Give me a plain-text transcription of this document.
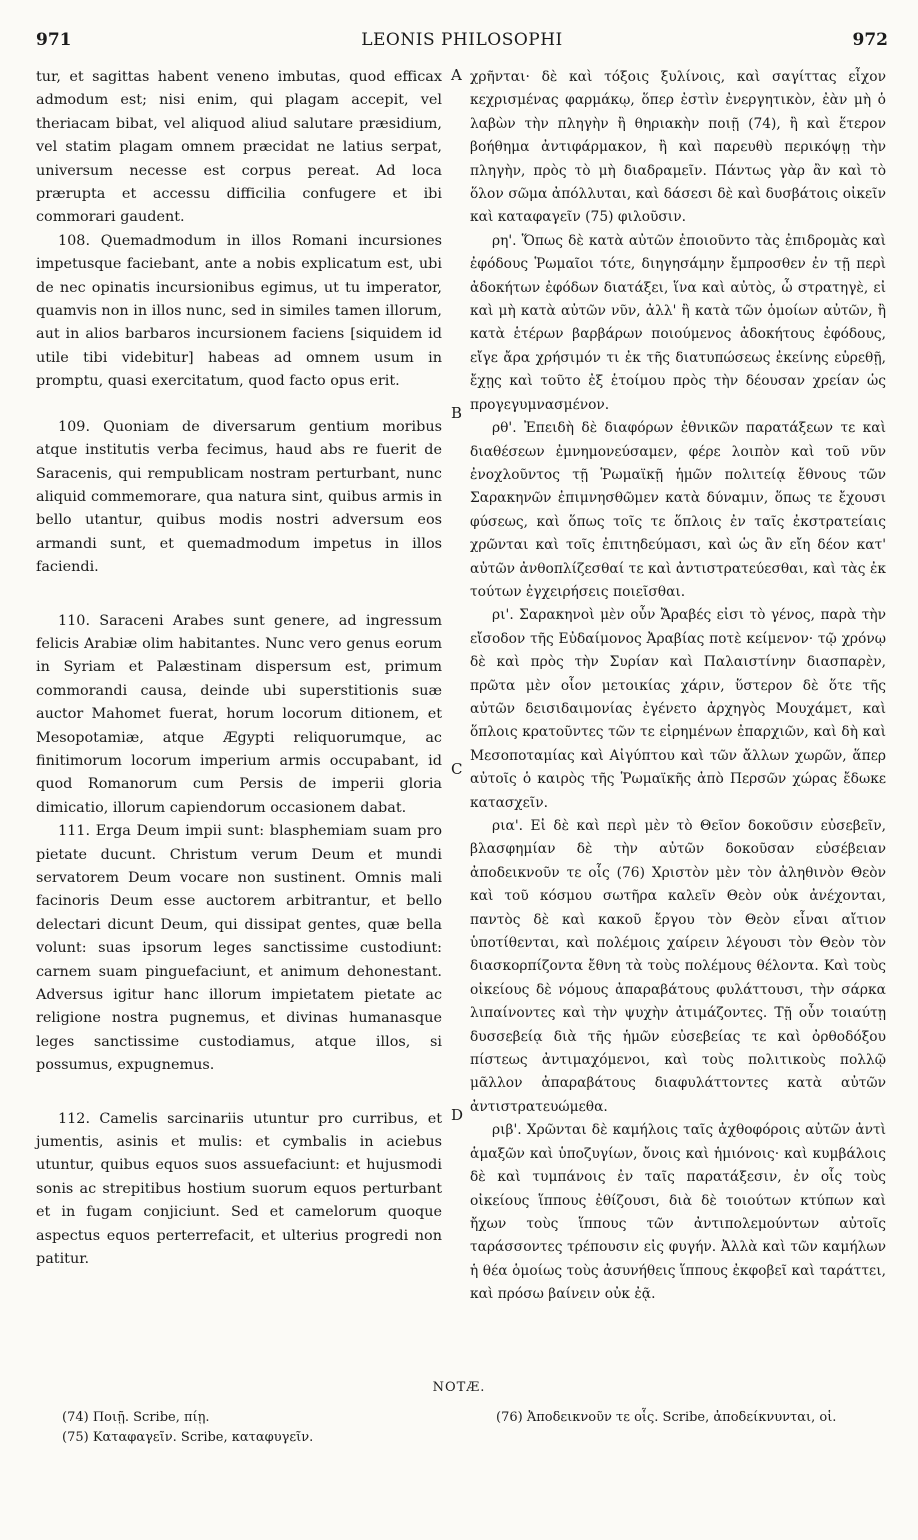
971	LEONIS PHILOSOPHI	972

tur, et sagittas habent veneno imbutas, quod efficax admodum est; nisi enim, qui plagam accepit, vel theriacam bibat, vel aliquod aliud salutare præsidium, vel statim plagam omnem præcidat ne latius serpat, universum necesse est corpus pereat. Ad loca prærupta et accessu difficilia confugere et ibi commorari gaudent.

108. Quemadmodum in illos Romani incursiones impetusque faciebant, ante a nobis explicatum est, ubi de nec opinatis incursionibus egimus, ut tu imperator, quamvis non in illos nunc, sed in similes tamen illorum, aut in alios barbaros incursionem faciens [siquidem id utile tibi videbitur] habeas ad omnem usum in promptu, quasi exercitatum, quod facto opus erit.

109. Quoniam de diversarum gentium moribus atque institutis verba fecimus, haud abs re fuerit de Saracenis, qui rempublicam nostram perturbant, nunc aliquid commemorare, qua natura sint, quibus armis in bello utantur, quibus modis nostri adversum eos armandi sunt, et quemadmodum impetus in illos faciendi.

110. Saraceni Arabes sunt genere, ad ingressum felicis Arabiæ olim habitantes. Nunc vero genus eorum in Syriam et Palæstinam dispersum est, primum commorandi causa, deinde ubi superstitionis suæ auctor Mahomet fuerat, horum locorum ditionem, et Mesopotamiæ, atque Ægypti reliquorumque, ac finitimorum locorum imperium armis occupabant, id quod Romanorum cum Persis de imperii gloria dimicatio, illorum capiendorum occasionem dabat.

111. Erga Deum impii sunt: blasphemiam suam pro pietate ducunt. Christum verum Deum et mundi servatorem Deum vocare non sustinent. Omnis mali facinoris Deum esse auctorem arbitrantur, et bello delectari dicunt Deum, qui dissipat gentes, quæ bella volunt: suas ipsorum leges sanctissime custodiunt: carnem suam pinguefaciunt, et animum dehonestant. Adversus igitur hanc illorum impietatem pietate ac religione nostra pugnemus, et divinas humanasque leges sanctissime custodiamus, atque illos, si possumus, expugnemus.

112. Camelis sarcinariis utuntur pro curribus, et jumentis, asinis et mulis: et cymbalis in aciebus utuntur, quibus equos suos assuefaciunt: et hujusmodi sonis ac strepitibus hostium suorum equos perturbant et in fugam conjiciunt. Sed et camelorum quoque aspectus equos perterrefacit, et ulterius progredi non patitur.

A
B
C
D

χρῆνται· δὲ καὶ τόξοις ξυλίνοις, καὶ σαγίττας εἶχον κεχρισμένας φαρμάκῳ, ὅπερ ἐστὶν ἐνεργητικὸν, ἐὰν μὴ ὁ λαβὼν τὴν πληγὴν ἢ θηριακὴν ποιῇ (74), ἢ καὶ ἕτερον βοήθημα ἀντιφάρμακον, ἢ καὶ παρευθὺ περικόψῃ τὴν πληγὴν, πρὸς τὸ μὴ διαδραμεῖν. Πάντως γὰρ ἂν καὶ τὸ ὅλον σῶμα ἀπόλλυται, καὶ δάσεσι δὲ καὶ δυσβάτοις οἰκεῖν καὶ καταφαγεῖν (75) φιλοῦσιν.

ρη'. Ὅπως δὲ κατὰ αὐτῶν ἐποιοῦντο τὰς ἐπιδρομὰς καὶ ἐφόδους Ῥωμαῖοι τότε, διηγησάμην ἔμπροσθεν ἐν τῇ περὶ ἀδοκήτων ἐφόδων διατάξει, ἵνα καὶ αὐτὸς, ὦ στρατηγὲ, εἰ καὶ μὴ κατὰ αὐτῶν νῦν, ἀλλ' ἢ κατὰ τῶν ὁμοίων αὐτῶν, ἢ κατὰ ἑτέρων βαρβάρων ποιούμενος ἀδοκήτους ἐφόδους, εἴγε ἄρα χρήσιμόν τι ἐκ τῆς διατυπώσεως ἐκείνης εὑρεθῇ, ἔχῃς καὶ τοῦτο ἐξ ἑτοίμου πρὸς τὴν δέουσαν χρείαν ὡς προγεγυμνασμένον.

ρθ'. Ἐπειδὴ δὲ διαφόρων ἐθνικῶν παρατάξεων τε καὶ διαθέσεων ἐμνημονεύσαμεν, φέρε λοιπὸν καὶ τοῦ νῦν ἐνοχλοῦντος τῇ Ῥωμαϊκῇ ἡμῶν πολιτείᾳ ἔθνους τῶν Σαρακηνῶν ἐπιμνησθῶμεν κατὰ δύναμιν, ὅπως τε ἔχουσι φύσεως, καὶ ὅπως τοῖς τε ὅπλοις ἐν ταῖς ἐκστρατείαις χρῶνται καὶ τοῖς ἐπιτηδεύμασι, καὶ ὡς ἂν εἴη δέον κατ' αὐτῶν ἀνθοπλίζεσθαί τε καὶ ἀντιστρατεύεσθαι, καὶ τὰς ἐκ τούτων ἐγχειρήσεις ποιεῖσθαι.

ρι'. Σαρακηνοὶ μὲν οὖν Ἄραβές εἰσι τὸ γένος, παρὰ τὴν εἴσοδον τῆς Εὐδαίμονος Ἀραβίας ποτὲ κείμενον· τῷ χρόνῳ δὲ καὶ πρὸς τὴν Συρίαν καὶ Παλαιστίνην διασπαρὲν, πρῶτα μὲν οἷον μετοικίας χάριν, ὕστερον δὲ ὅτε τῆς αὐτῶν δεισιδαιμονίας ἐγένετο ἀρχηγὸς Μουχάμετ, καὶ ὅπλοις κρατοῦντες τῶν τε εἰρημένων ἐπαρχιῶν, καὶ δὴ καὶ Μεσοποταμίας καὶ Αἰγύπτου καὶ τῶν ἄλλων χωρῶν, ἅπερ αὐτοῖς ὁ καιρὸς τῆς Ῥωμαϊκῆς ἀπὸ Περσῶν χώρας ἔδωκε κατασχεῖν.

ρια'. Εἰ δὲ καὶ περὶ μὲν τὸ Θεῖον δοκοῦσιν εὐσεβεῖν, βλασφημίαν δὲ τὴν αὐτῶν δοκοῦσαν εὐσέβειαν ἀποδεικνοῦν τε οἷς (76) Χριστὸν μὲν τὸν ἀληθινὸν Θεὸν καὶ τοῦ κόσμου σωτῆρα καλεῖν Θεὸν οὐκ ἀνέχονται, παντὸς δὲ καὶ κακοῦ ἔργου τὸν Θεὸν εἶναι αἴτιον ὑποτίθενται, καὶ πολέμοις χαίρειν λέγουσι τὸν Θεὸν τὸν διασκορπίζοντα ἔθνη τὰ τοὺς πολέμους θέλοντα. Καὶ τοὺς οἰκείους δὲ νόμους ἀπαραβάτους φυλάττουσι, τὴν σάρκα λιπαίνοντες καὶ τὴν ψυχὴν ἀτιμάζοντες. Τῇ οὖν τοιαύτῃ δυσσεβείᾳ διὰ τῆς ἡμῶν εὐσεβείας τε καὶ ὀρθοδόξου πίστεως ἀντιμαχόμενοι, καὶ τοὺς πολιτικοὺς πολλῷ μᾶλλον ἀπαραβάτους διαφυλάττοντες κατὰ αὐτῶν ἀντιστρατευώμεθα.

ριβ'. Χρῶνται δὲ καμήλοις ταῖς ἀχθοφόροις αὐτῶν ἀντὶ ἁμαξῶν καὶ ὑποζυγίων, ὄνοις καὶ ἡμιόνοις· καὶ κυμβάλοις δὲ καὶ τυμπάνοις ἐν ταῖς παρατάξεσιν, ἐν οἷς τοὺς οἰκείους ἵππους ἐθίζουσι, διὰ δὲ τοιούτων κτύπων καὶ ἤχων τοὺς ἵππους τῶν ἀντιπολεμούντων αὐτοῖς ταράσσοντες τρέπουσιν εἰς φυγήν. Ἀλλὰ καὶ τῶν καμήλων ἡ θέα ὁμοίως τοὺς ἀσυνήθεις ἵππους ἐκφοβεῖ καὶ ταράττει, καὶ πρόσω βαίνειν οὐκ ἐᾷ.

NOTÆ.

(74) Ποιῇ. Scribe, πίῃ.

(75) Καταφαγεῖν. Scribe, καταφυγεῖν.

(76) Ἀποδεικνοῦν τε οἷς. Scribe, ἀποδείκνυνται, οἱ.
